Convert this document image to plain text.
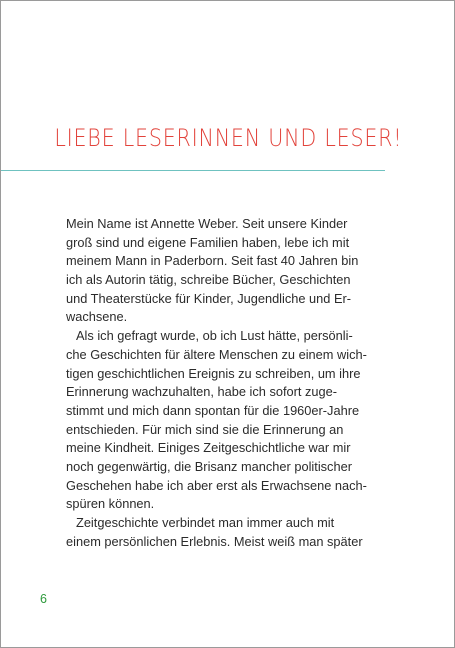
LIEBE LESERINNEN UND LESER!
Mein Name ist Annette Weber. Seit unsere Kinder
groß sind und eigene Familien haben, lebe ich mit
meinem Mann in Paderborn. Seit fast 40 Jahren bin
ich als Autorin tätig, schreibe Bücher, Geschichten
und Theaterstücke für Kinder, Jugendliche und Er-
wachsene.
Als ich gefragt wurde, ob ich Lust hätte, persönli-
che Geschichten für ältere Menschen zu einem wich-
tigen geschichtlichen Ereignis zu schreiben, um ihre
Erinnerung wachzuhalten, habe ich sofort zuge-
stimmt und mich dann spontan für die 1960er-Jahre
entschieden. Für mich sind sie die Erinnerung an
meine Kindheit. Einiges Zeitgeschichtliche war mir
noch gegenwärtig, die Brisanz mancher politischer
Geschehen habe ich aber erst als Erwachsene nach-
spüren können.
Zeitgeschichte verbindet man immer auch mit
einem persönlichen Erlebnis. Meist weiß man später
6
